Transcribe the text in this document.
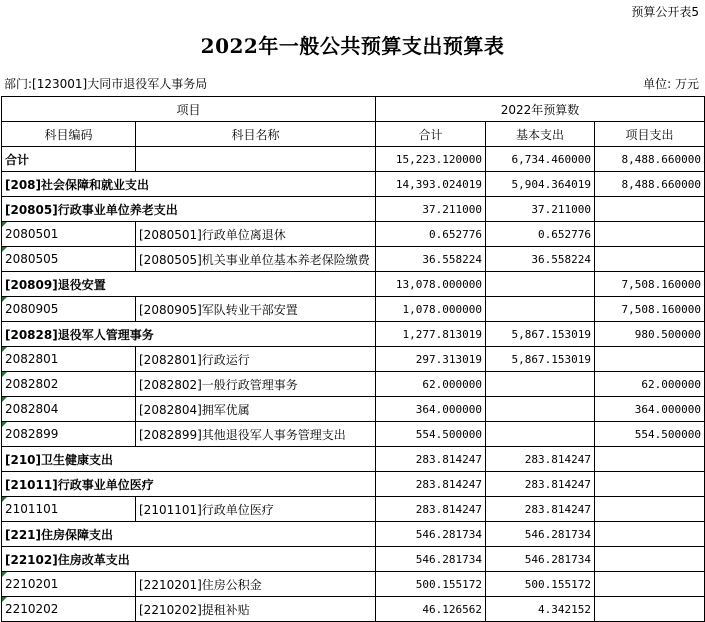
预算公开表5
2022年一般公共预算支出预算表
部门:[123001]大同市退役军人事务局	单位: 万元
项目		2022年预算数		
科目编码	科目名称	合计	基本支出	项目支出
合计		15,223.120000	6,734.460000	8,488.660000
[208]社会保障和就业支出		14,393.024019	5,904.364019	8,488.660000
[20805]行政事业单位养老支出		37.211000	37.211000	

2080501	[2080501]行政单位离退休	0.652776	0.652776	

2080505	[2080505]机关事业单位基本养老保险缴费	36.558224	36.558224	
[20809]退役安置		13,078.000000		7,508.160000

2080905	[2080905]军队转业干部安置	1,078.000000		7,508.160000
[20828]退役军人管理事务		1,277.813019	5,867.153019	980.500000

2082801	[2082801]行政运行	297.313019	5,867.153019	

2082802	[2082802]一般行政管理事务	62.000000		62.000000

2082804	[2082804]拥军优属	364.000000		364.000000

2082899	[2082899]其他退役军人事务管理支出	554.500000		554.500000
[210]卫生健康支出		283.814247	283.814247	
[21011]行政事业单位医疗		283.814247	283.814247	

2101101	[2101101]行政单位医疗	283.814247	283.814247	
[221]住房保障支出		546.281734	546.281734	
[22102]住房改革支出		546.281734	546.281734	

2210201	[2210201]住房公积金	500.155172	500.155172	

2210202	[2210202]提租补贴	46.126562	4.342152	
